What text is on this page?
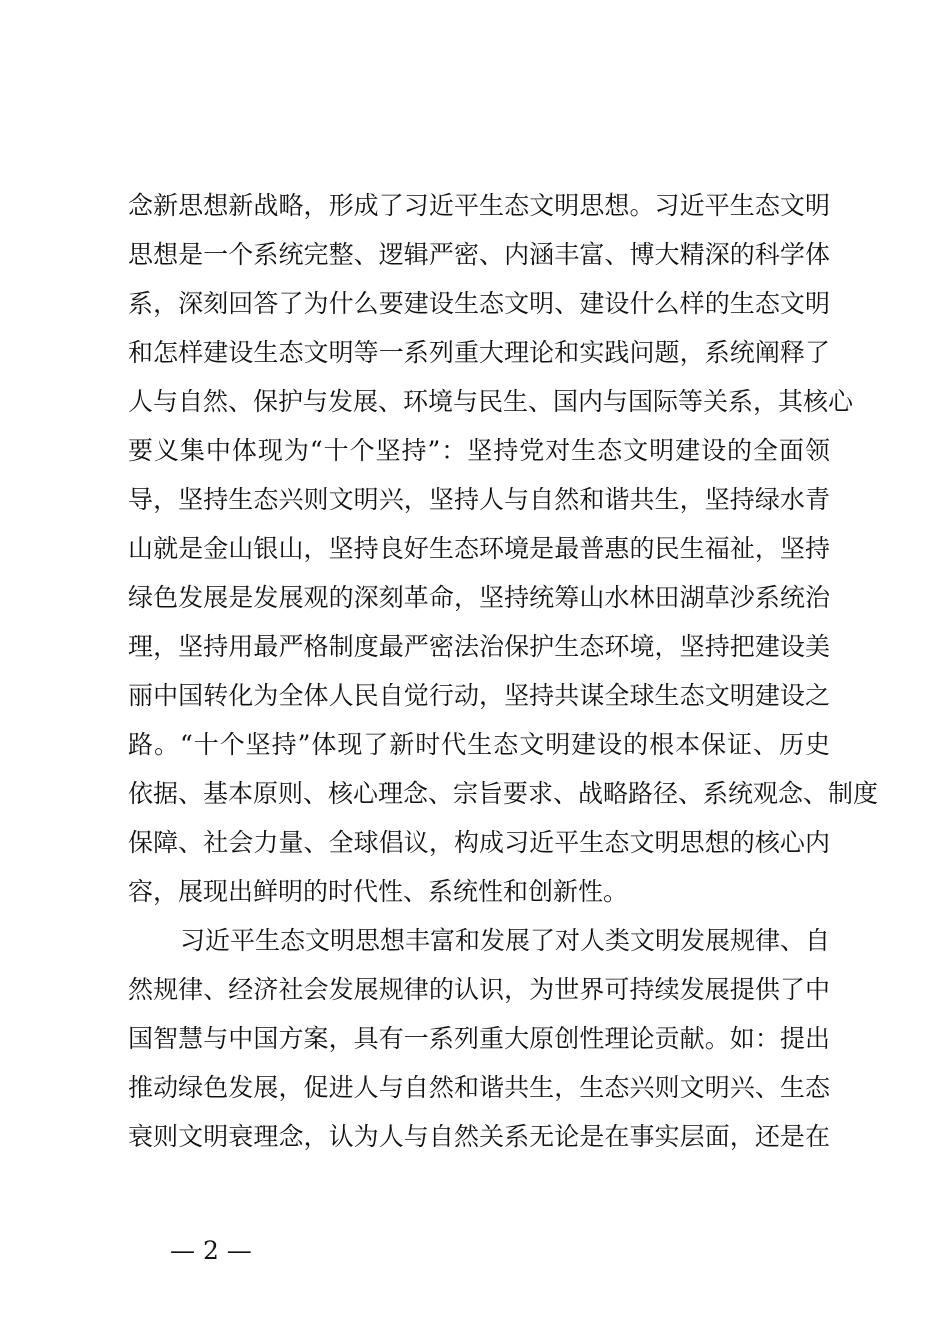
念新思想新战略，形成了习近平生态文明思想。习近平生态文明
思想是一个系统完整、逻辑严密、内涵丰富、博大精深的科学体
系，深刻回答了为什么要建设生态文明、建设什么样的生态文明
和怎样建设生态文明等一系列重大理论和实践问题，系统阐释了
人与自然、保护与发展、环境与民生、国内与国际等关系，其核心
要义集中体现为“十个坚持”：坚持党对生态文明建设的全面领
导，坚持生态兴则文明兴，坚持人与自然和谐共生，坚持绿水青
山就是金山银山，坚持良好生态环境是最普惠的民生福祉，坚持
绿色发展是发展观的深刻革命，坚持统筹山水林田湖草沙系统治
理，坚持用最严格制度最严密法治保护生态环境，坚持把建设美
丽中国转化为全体人民自觉行动，坚持共谋全球生态文明建设之
路。“十个坚持”体现了新时代生态文明建设的根本保证、历史
依据、基本原则、核心理念、宗旨要求、战略路径、系统观念、制度
保障、社会力量、全球倡议，构成习近平生态文明思想的核心内
容，展现出鲜明的时代性、系统性和创新性。
习近平生态文明思想丰富和发展了对人类文明发展规律、自
然规律、经济社会发展规律的认识，为世界可持续发展提供了中
国智慧与中国方案，具有一系列重大原创性理论贡献。如：提出
推动绿色发展，促进人与自然和谐共生，生态兴则文明兴、生态
衰则文明衰理念，认为人与自然关系无论是在事实层面，还是在
— 2 —
